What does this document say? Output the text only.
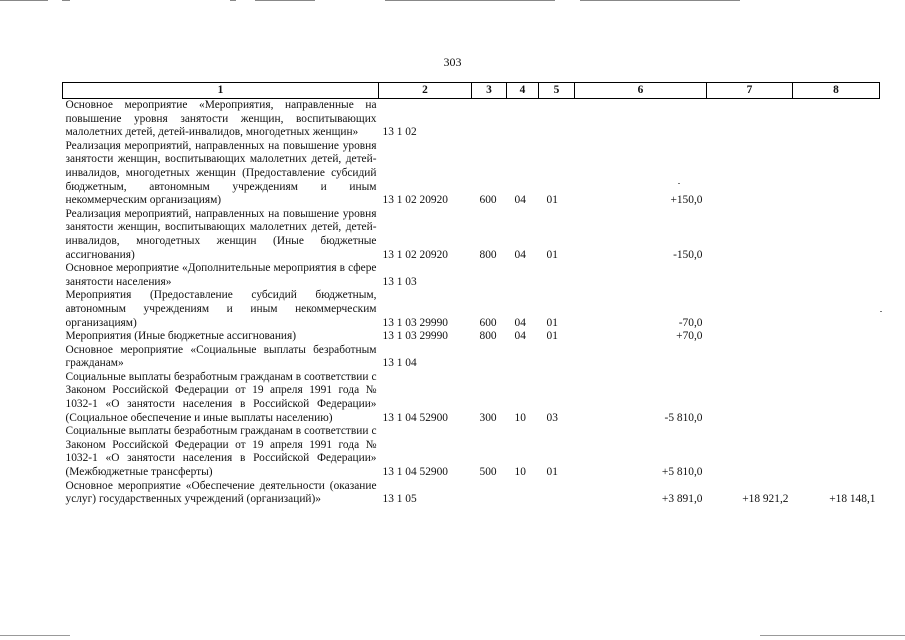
303
1	2	3	4	5	6	7	8
Основное мероприятие «Мероприятия, направленные на повышение уровня занятости женщин, воспитывающих малолетних детей, детей-инвалидов, многодетных женщин»	13 1 02						
Реализация мероприятий, направленных на повышение уровня занятости женщин, воспитывающих малолетних детей, детей-инвалидов, многодетных женщин (Предоставление субсидий бюджетным, автономным учреждениям и иным некоммерческим организациям)	13 1 02 20920	600	04	01	+150,0		
Реализация мероприятий, направленных на повышение уровня занятости женщин, воспитывающих малолетних детей, детей-инвалидов, многодетных женщин (Иные бюджетные ассигнования)	13 1 02 20920	800	04	01	-150,0		
Основное мероприятие «Дополнительные мероприятия в сфере занятости населения»	13 1 03						
Мероприятия (Предоставление субсидий бюджетным, автономным учреждениям и иным некоммерческим организациям)	13 1 03 29990	600	04	01	-70,0		
Мероприятия (Иные бюджетные ассигнования)	13 1 03 29990	800	04	01	+70,0		
Основное мероприятие «Социальные выплаты безработным гражданам»	13 1 04						
Социальные выплаты безработным гражданам в соответствии с Законом Российской Федерации от 19 апреля 1991 года № 1032-1 «О занятости населения в Российской Федерации» (Социальное обеспечение и иные выплаты населению)	13 1 04 52900	300	10	03	-5 810,0		
Социальные выплаты безработным гражданам в соответствии с Законом Российской Федерации от 19 апреля 1991 года № 1032-1 «О занятости населения в Российской Федерации» (Межбюджетные трансферты)	13 1 04 52900	500	10	01	+5 810,0		
Основное мероприятие «Обеспечение деятельности (оказание услуг) государственных учреждений (организаций)»	13 1 05				+3 891,0	+18 921,2	+18 148,1
